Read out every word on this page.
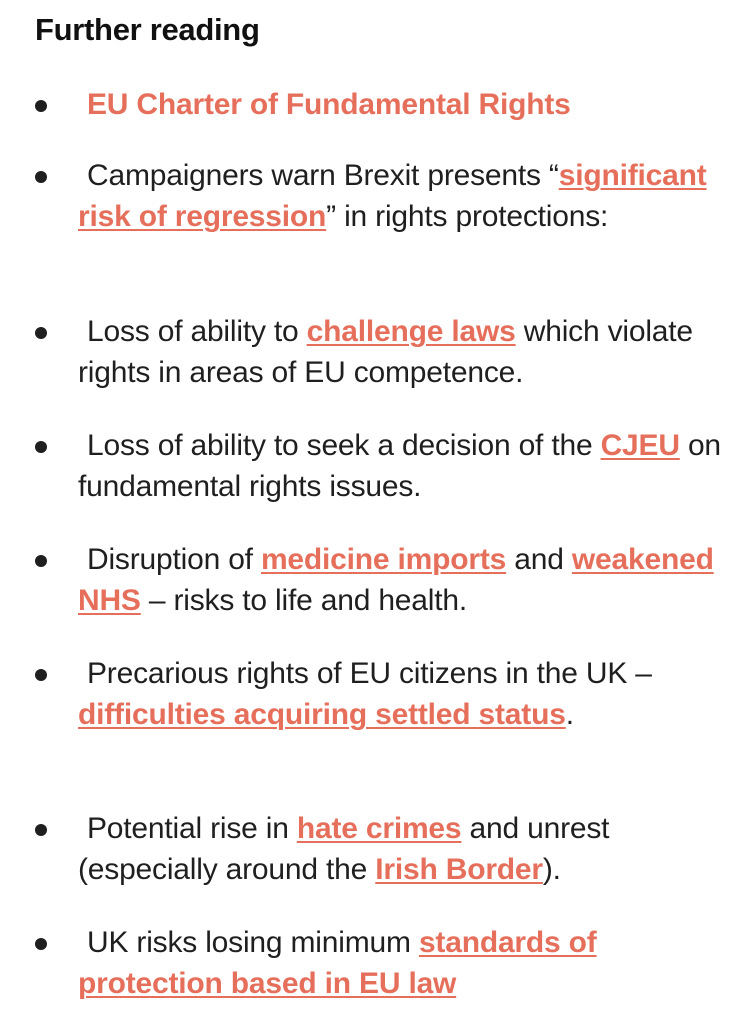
Further reading
EU Charter of Fundamental Rights
Campaigners warn Brexit presents “significant risk of regression” in rights protections:
Loss of ability to challenge laws which violate rights in areas of EU competence.
Loss of ability to seek a decision of the CJEU on fundamental rights issues.
Disruption of medicine imports and weakened NHS – risks to life and health.
Precarious rights of EU citizens in the UK – difficulties acquiring settled status.
Potential rise in hate crimes and unrest (especially around the Irish Border).
UK risks losing minimum standards of protection based in EU law
